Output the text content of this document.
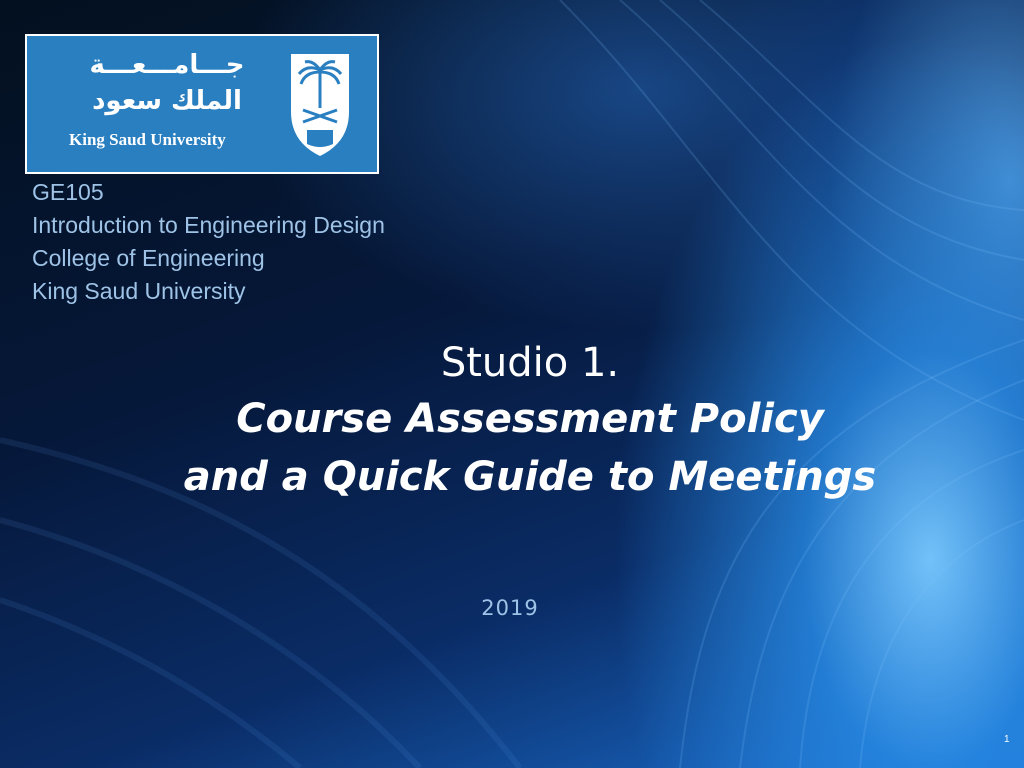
جـــامـــعـــة
الملك سعود
King Saud University
GE105
Introduction to Engineering Design
College of Engineering
King Saud University
Studio 1.
Course Assessment Policy
and a Quick Guide to Meetings
2019
1
